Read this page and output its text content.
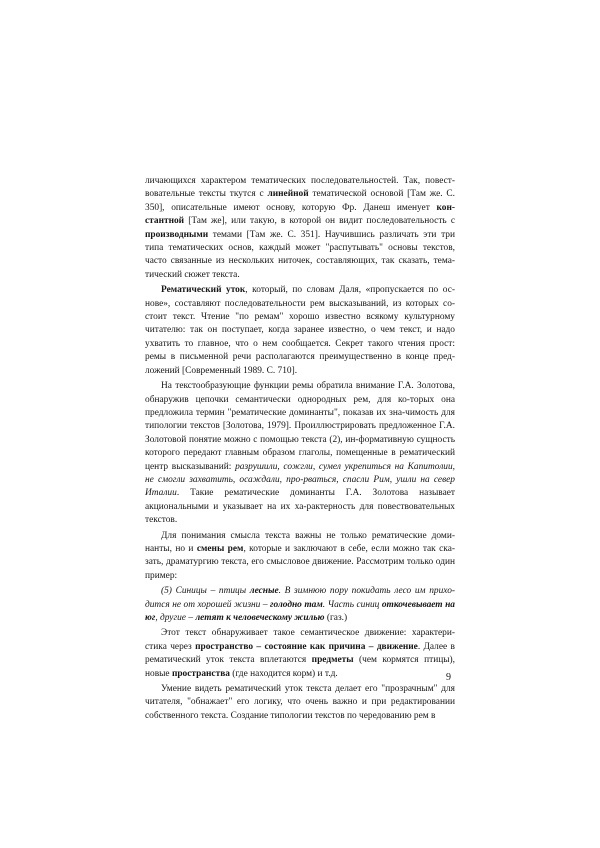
личающихся характером тематических последовательностей. Так, повест-вовательные тексты ткутся с линейной тематической основой [Там же. С. 350], описательные имеют основу, которую Фр. Данеш именует кон-стантной [Там же], или такую, в которой он видит последовательность с производными темами [Там же. С. 351]. Научившись различать эти три типа тематических основ, каждый может "распутывать" основы текстов, часто связанные из нескольких ниточек, составляющих, так сказать, тема-тический сюжет текста.

Рематический уток, который, по словам Даля, «пропускается по ос-нове», составляют последовательности рем высказываний, из которых со-стоит текст. Чтение "по ремам" хорошо известно всякому культурному читателю: так он поступает, когда заранее известно, о чем текст, и надо ухватить то главное, что о нем сообщается. Секрет такого чтения прост: ремы в письменной речи располагаются преимущественно в конце пред-ложений [Современный 1989. С. 710].

На текстообразующие функции ремы обратила внимание Г.А. Золотова, обнаружив цепочки семантически однородных рем, для ко-торых она предложила термин "рематические доминанты", показав их зна-чимость для типологии текстов [Золотова, 1979]. Проиллюстрировать предложенное Г.А. Золотовой понятие можно с помощью текста (2), ин-формативную сущность которого передают главным образом глаголы, помещенные в рематический центр высказываний: разрушили, сожгли, сумел укрепиться на Капитолии, не смогли захватить, осаждали, про-рваться, спасли Рим, ушли на север Италии. Такие рематические доминанты Г.А. Золотова называет акциональными и указывает на их ха-рактерность для повествовательных текстов.

Для понимания смысла текста важны не только рематические доми-нанты, но и смены рем, которые и заключают в себе, если можно так ска-зать, драматургию текста, его смысловое движение. Рассмотрим только один пример:

(5) Синицы – птицы лесные. В зимнюю пору покидать лесо им прихо-дится не от хорошей жизни – голодно там. Часть синиц откочевывает на юг, другие – летят к человеческому жилью (газ.)

Этот текст обнаруживает такое семантическое движение: характери-стика через пространство – состояние как причина – движение. Далее в рематический уток текста вплетаются предметы (чем кормятся птицы), новые пространства (где находится корм) и т.д.

Умение видеть рематический уток текста делает его "прозрачным" для читателя, "обнажает" его логику, что очень важно и при редактировании собственного текста. Создание типологии текстов по чередованию рем в

9
